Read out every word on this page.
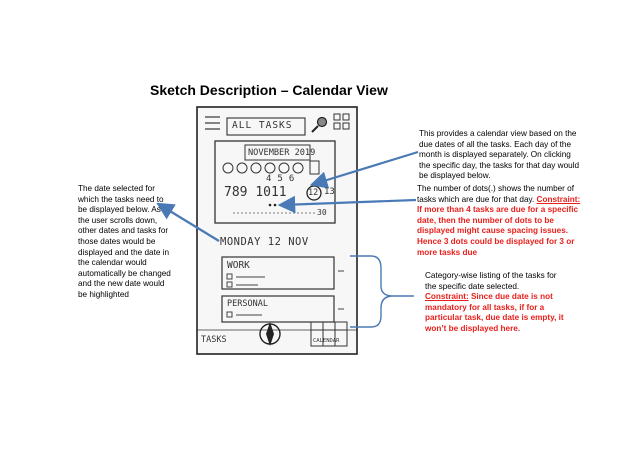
Sketch Description – Calendar View
ALL TASKS
NOVEMBER 2019
456
789 1011	12 13
30
MONDAY 12 NOV
WORK
PERSONAL
TASKS	CALENDAR
The date selected for which the tasks need to be displayed below. As the user scrolls down, other dates and tasks for those dates would be displayed and the date in the calendar would automatically be changed and the new date would be highlighted
This provides a calendar view based on the due dates of all the tasks. Each day of the month is displayed separately. On clicking the specific day, the tasks for that day would be displayed below.
The number of dots(.) shows the number of tasks which are due for that day. Constraint: If more than 4 tasks are due for a specific date, then the number of dots to be displayed might cause spacing issues. Hence 3 dots could be displayed for 3 or more tasks due
Category-wise listing of the tasks for the specific date selected. Constraint: Since due date is not mandatory for all tasks, if for a particular task, due date is empty, it won’t be displayed here.
